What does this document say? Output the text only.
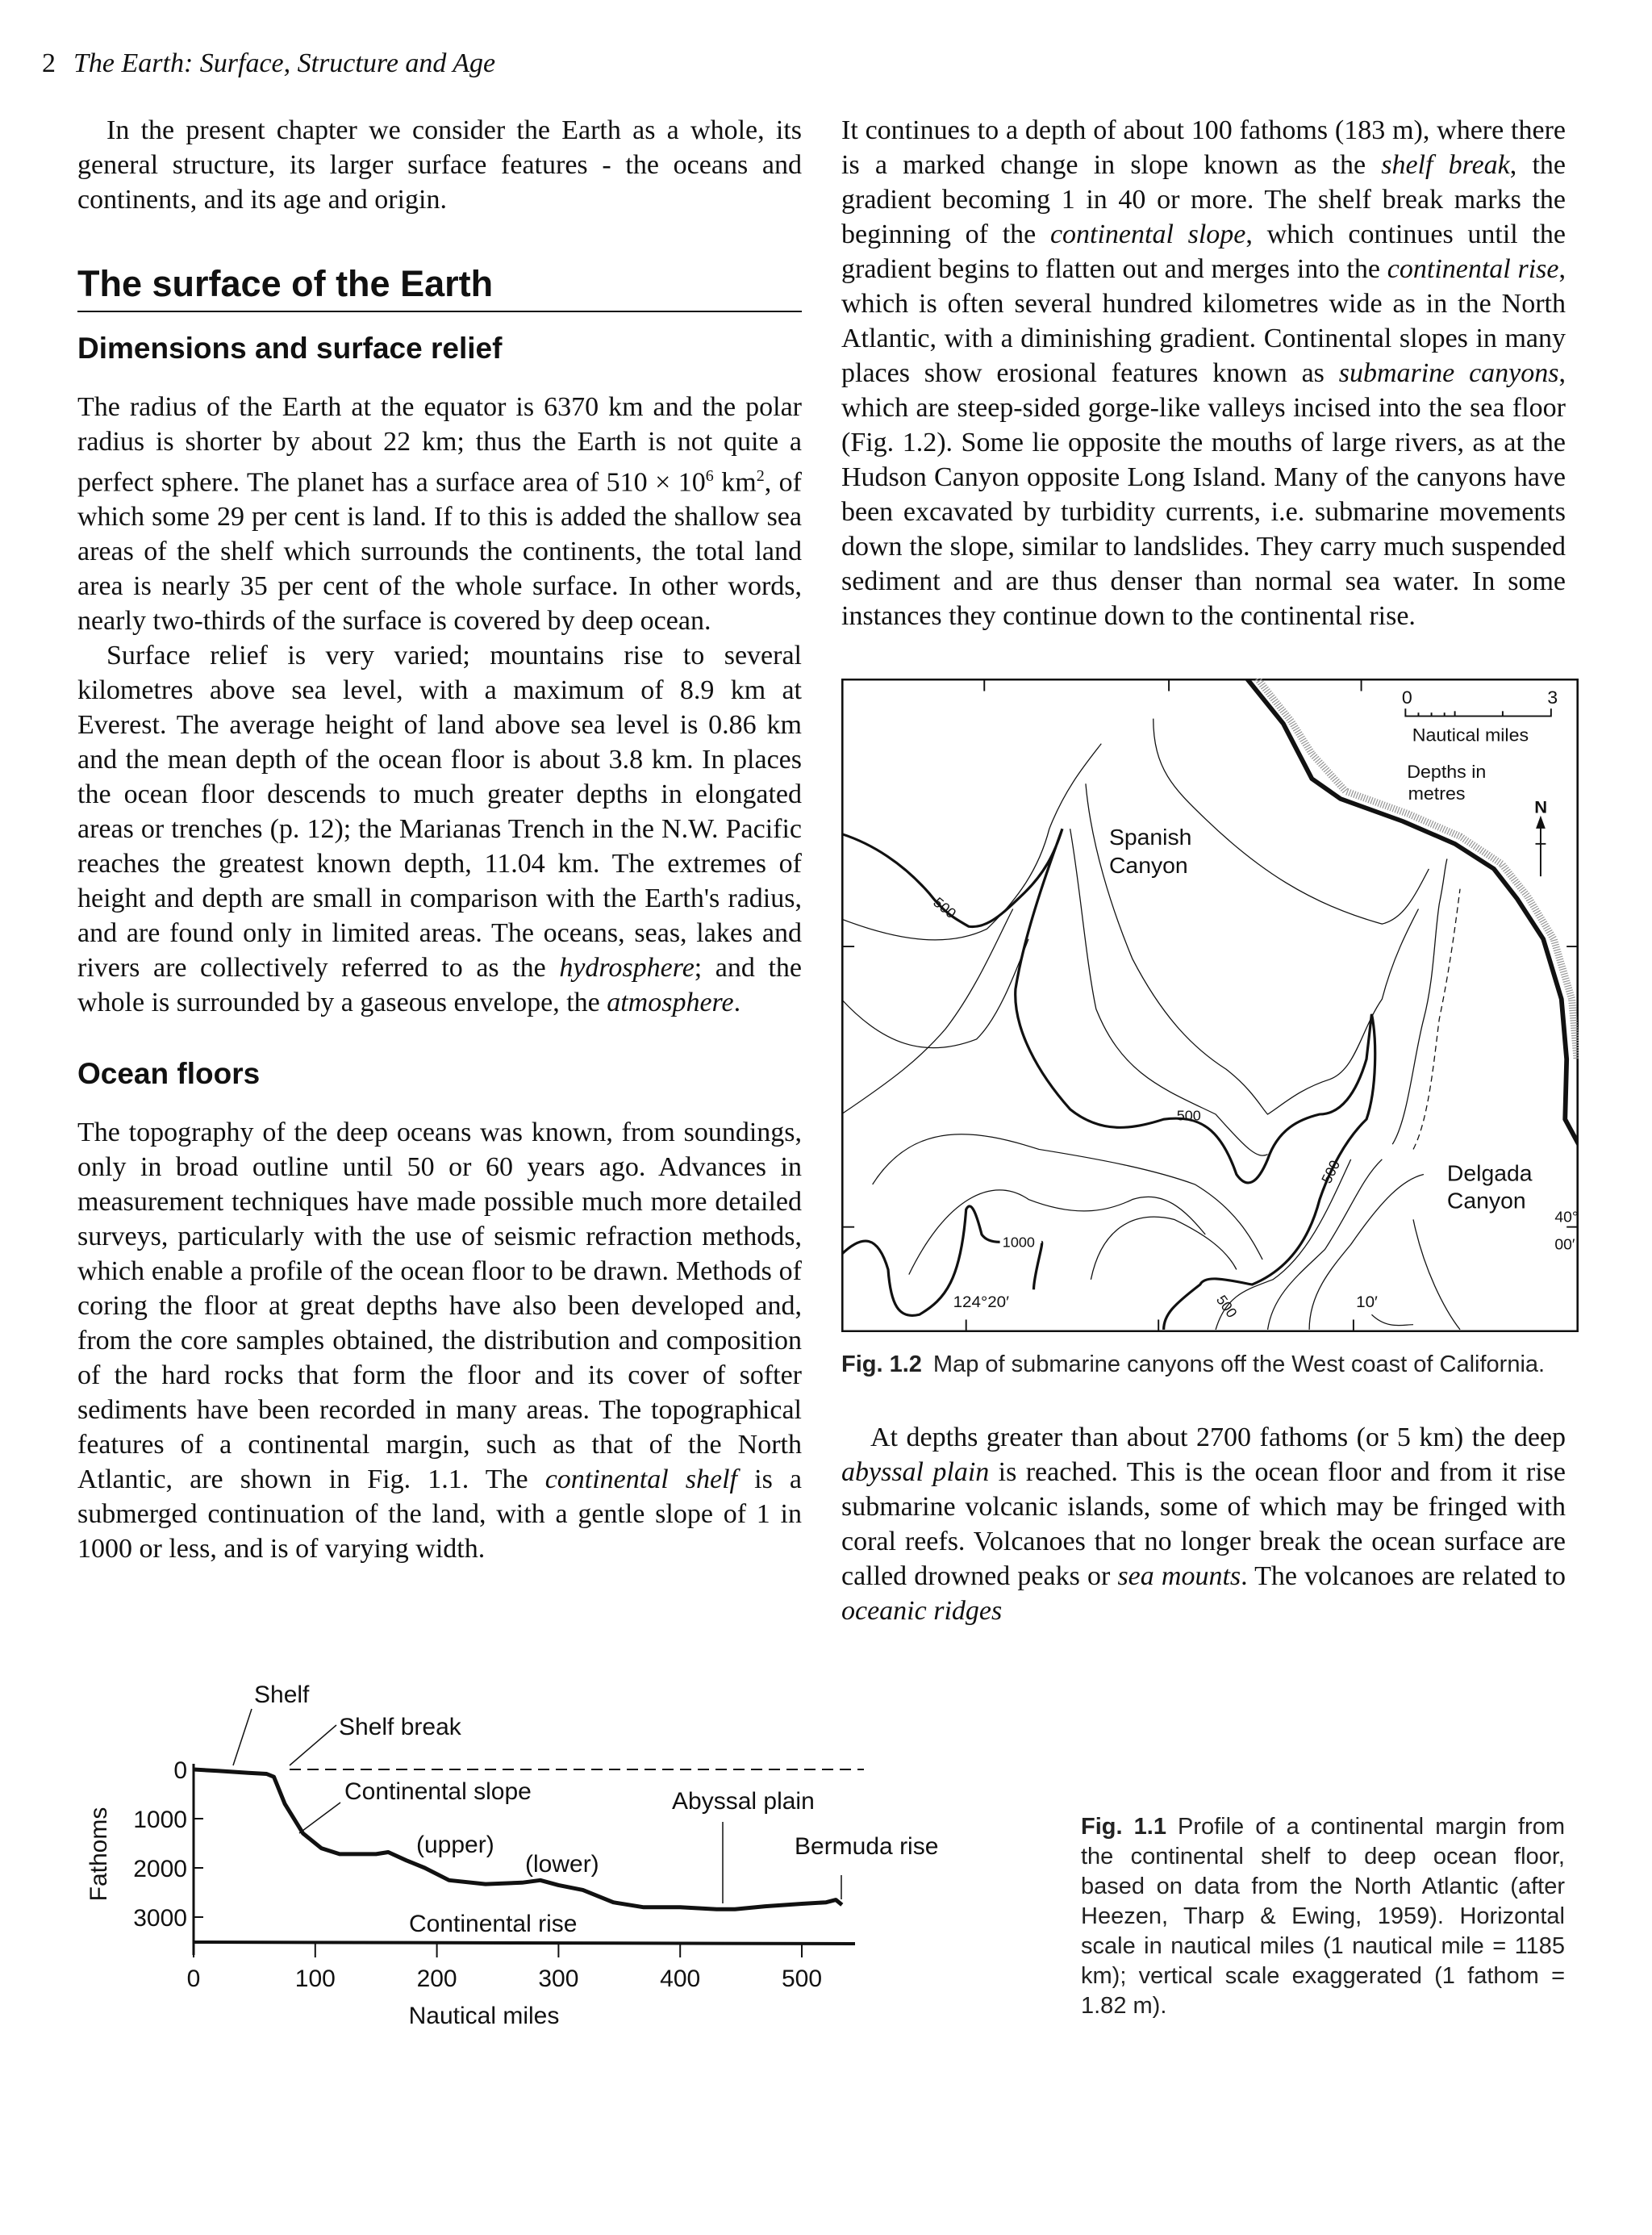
2 The Earth: Surface, Structure and Age

In the present chapter we consider the Earth as a whole, its general structure, its larger surface features - the oceans and continents, and its age and origin.

The surface of the Earth
Dimensions and surface relief

The radius of the Earth at the equator is 6370 km and the polar radius is shorter by about 22 km; thus the Earth is not quite a perfect sphere. The planet has a surface area of $510 \times 10^6$ $km^2$, of which some 29 per cent is land. If to this is added the shallow sea areas of the shelf which surrounds the continents, the total land area is nearly 35 per cent of the whole surface. In other words, nearly two-thirds of the surface is covered by deep ocean.

Surface relief is very varied; mountains rise to several kilometres above sea level, with a maximum of 8.9 km at Everest. The average height of land above sea level is 0.86 km and the mean depth of the ocean floor is about 3.8 km. In places the ocean floor descends to much greater depths in elongated areas or trenches (p. 12); the Marianas Trench in the N.W. Pacific reaches the greatest known depth, 11.04 km. The extremes of height and depth are small in comparison with the Earth's radius, and are found only in limited areas. The oceans, seas, lakes and rivers are collectively referred to as the hydrosphere; and the whole is surrounded by a gaseous envelope, the atmosphere.

Ocean floors

The topography of the deep oceans was known, from soundings, only in broad outline until 50 or 60 years ago. Advances in measurement techniques have made possible much more detailed surveys, particularly with the use of seismic refraction methods, which enable a profile of the ocean floor to be drawn. Methods of coring the floor at great depths have also been developed and, from the core samples obtained, the distribution and composition of the hard rocks that form the floor and its cover of softer sediments have been recorded in many areas. The topographical features of a continental margin, such as that of the North Atlantic, are shown in Fig. 1.1. The continental shelf is a submerged continuation of the land, with a gentle slope of 1 in 1000 or less, and is of varying width.

It continues to a depth of about 100 fathoms (183 m), where there is a marked change in slope known as the shelf break, the gradient becoming 1 in 40 or more. The shelf break marks the beginning of the continental slope, which continues until the gradient begins to flatten out and merges into the continental rise, which is often several hundred kilometres wide as in the North Atlantic, with a diminishing gradient. Continental slopes in many places show erosional features known as submarine canyons, which are steep-sided gorge-like valleys incised into the sea floor (Fig. 1.2). Some lie opposite the mouths of large rivers, as at the Hudson Canyon opposite Long Island. Many of the canyons have been excavated by turbidity currents, i.e. submarine movements down the slope, similar to landslides. They carry much suspended sediment and are thus denser than normal sea water. In some instances they continue down to the continental rise.

0	3
Nautical miles
Depths in
metres
N
Spanish
Canyon
Delgada
Canyon
40°
00′
124°20′	10′
500
500
500
500
1000
Fig. 1.2 Map of submarine canyons off the West coast of California.

At depths greater than about 2700 fathoms (or 5 km) the deep abyssal plain is reached. This is the ocean floor and from it rise submarine volcanic islands, some of which may be fringed with coral reefs. Volcanoes that no longer break the ocean surface are called drowned peaks or sea mounts. The volcanoes are related to oceanic ridges

0	100	200	300	400	500
0
1000
2000
3000
Fathoms
Nautical miles
Shelf
Shelf break
Continental slope
(upper)
(lower)
Abyssal plain
Bermuda rise
Continental rise
Fig. 1.1 Profile of a continental margin from the continental shelf to deep ocean floor, based on data from the North Atlantic (after Heezen, Tharp & Ewing, 1959). Horizontal scale in nautical miles (1 nautical mile = 1185 km); vertical scale exaggerated (1 fathom = 1.82 m).
